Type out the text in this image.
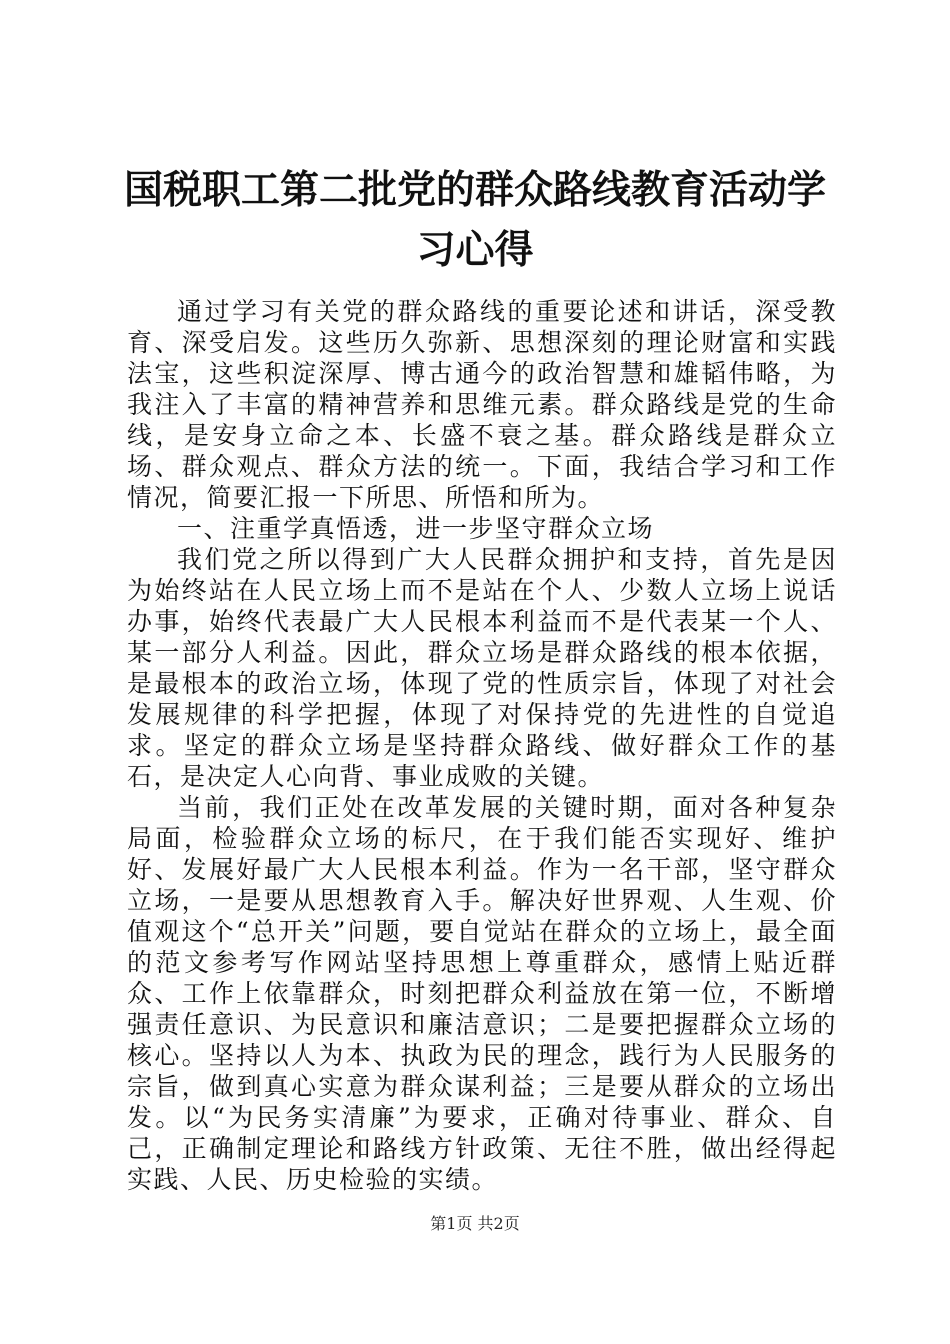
国税职工第二批党的群众路线教育活动学习心得

通过学习有关党的群众路线的重要论述和讲话，深受教育、深受启发。这些历久弥新、思想深刻的理论财富和实践法宝，这些积淀深厚、博古通今的政治智慧和雄韬伟略，为我注入了丰富的精神营养和思维元素。群众路线是党的生命线，是安身立命之本、长盛不衰之基。群众路线是群众立场、群众观点、群众方法的统一。下面，我结合学习和工作情况，简要汇报一下所思、所悟和所为。

一、注重学真悟透，进一步坚守群众立场

我们党之所以得到广大人民群众拥护和支持，首先是因为始终站在人民立场上而不是站在个人、少数人立场上说话办事，始终代表最广大人民根本利益而不是代表某一个人、某一部分人利益。因此，群众立场是群众路线的根本依据，是最根本的政治立场，体现了党的性质宗旨，体现了对社会发展规律的科学把握，体现了对保持党的先进性的自觉追求。坚定的群众立场是坚持群众路线、做好群众工作的基石，是决定人心向背、事业成败的关键。

当前，我们正处在改革发展的关键时期，面对各种复杂局面，检验群众立场的标尺，在于我们能否实现好、维护好、发展好最广大人民根本利益。作为一名干部，坚守群众立场，一是要从思想教育入手。解决好世界观、人生观、价值观这个“总开关”问题，要自觉站在群众的立场上，最全面的范文参考写作网站坚持思想上尊重群众，感情上贴近群众、工作上依靠群众，时刻把群众利益放在第一位，不断增强责任意识、为民意识和廉洁意识；二是要把握群众立场的核心。坚持以人为本、执政为民的理念，践行为人民服务的宗旨，做到真心实意为群众谋利益；三是要从群众的立场出发。以“为民务实清廉”为要求，正确对待事业、群众、自己，正确制定理论和路线方针政策、无往不胜，做出经得起实践、人民、历史检验的实绩。

第1页 共2页
